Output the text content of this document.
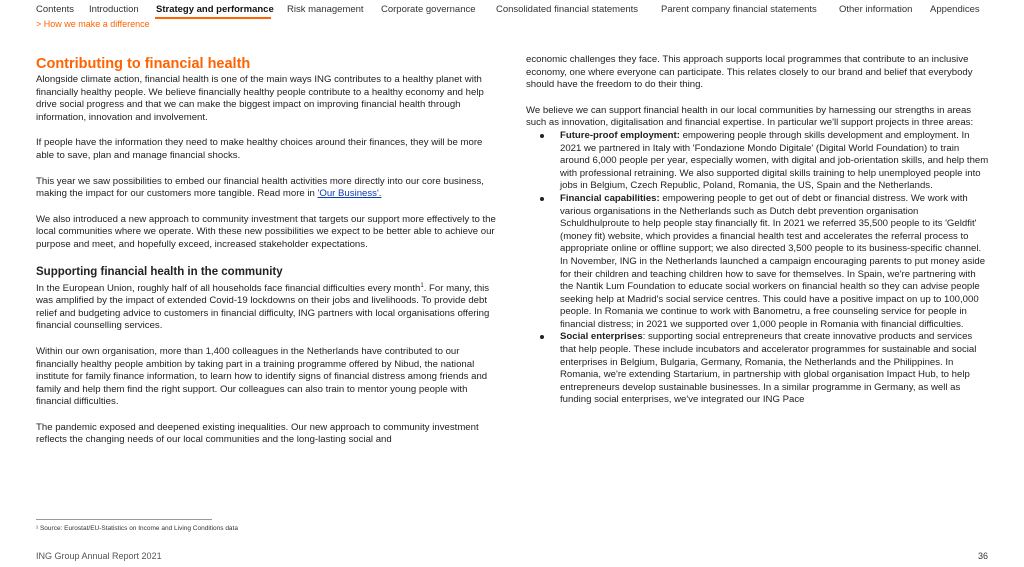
Contents Introduction Strategy and performance Risk management Corporate governance Consolidated financial statements Parent company financial statements Other information Appendices
> How we make a difference
Contributing to financial health

Alongside climate action, financial health is one of the main ways ING contributes to a healthy planet with financially healthy people. We believe financially healthy people contribute to a healthy economy and help drive social progress and that we can make the biggest impact on improving financial health through information, innovation and involvement.

If people have the information they need to make healthy choices around their finances, they will be more able to save, plan and manage financial shocks.

This year we saw possibilities to embed our financial health activities more directly into our core business, making the impact for our customers more tangible. Read more in 'Our Business'.

We also introduced a new approach to community investment that targets our support more effectively to the local communities where we operate. With these new possibilities we expect to be better able to achieve our purpose and meet, and hopefully exceed, increased stakeholder expectations.

Supporting financial health in the community

In the European Union, roughly half of all households face financial difficulties every month$^1$. For many, this was amplified by the impact of extended Covid-19 lockdowns on their jobs and livelihoods. To provide debt relief and budgeting advice to customers in financial difficulty, ING partners with local organisations offering financial counselling services.

Within our own organisation, more than 1,400 colleagues in the Netherlands have contributed to our financially healthy people ambition by taking part in a training programme offered by Nibud, the national institute for family finance information, to learn how to identify signs of financial distress among friends and family and help them find the right support. Our colleagues can also train to mentor young people with financial difficulties.

The pandemic exposed and deepened existing inequalities. Our new approach to community investment reflects the changing needs of our local communities and the long-lasting social and

economic challenges they face. This approach supports local programmes that contribute to an inclusive economy, one where everyone can participate. This relates closely to our brand and belief that everybody should have the freedom to do their thing.

We believe we can support financial health in our local communities by harnessing our strengths in areas such as innovation, digitalisation and financial expertise. In particular we'll support projects in three areas:

Future-proof employment: empowering people through skills development and employment. In 2021 we partnered in Italy with 'Fondazione Mondo Digitale' (Digital World Foundation) to train around 6,000 people per year, especially women, with digital and job-orientation skills, and help them with professional retraining. We also supported digital skills training to help unemployed people into jobs in Belgium, Czech Republic, Poland, Romania, the US, Spain and the Netherlands.
Financial capabilities: empowering people to get out of debt or financial distress. We work with various organisations in the Netherlands such as Dutch debt prevention organisation Schuldhulproute to help people stay financially fit. In 2021 we referred 35,500 people to its 'Geldfit' (money fit) website, which provides a financial health test and accelerates the referral process to appropriate online or offline support; we also directed 3,500 people to its business-specific channel. In November, ING in the Netherlands launched a campaign encouraging parents to put money aside for their children and teaching children how to save for themselves. In Spain, we're partnering with the Nantik Lum Foundation to educate social workers on financial health so they can advise people seeking help at Madrid's social service centres. This could have a positive impact on up to 100,000 people. In Romania we continue to work with Banometru, a free counseling service for people in financial distress; in 2021 we supported over 1,000 people in Romania with financial difficulties.
Social enterprises: supporting social entrepreneurs that create innovative products and services that help people. These include incubators and accelerator programmes for sustainable and social enterprises in Belgium, Bulgaria, Germany, Romania, the Netherlands and the Philippines. In Romania, we're extending Startarium, in partnership with global organisation Impact Hub, to help entrepreneurs develop sustainable businesses. In a similar programme in Germany, as well as funding social enterprises, we've integrated our ING Pace
¹ Source: Eurostat/EU-Statistics on Income and Living Conditions data
ING Group Annual Report 2021	36
